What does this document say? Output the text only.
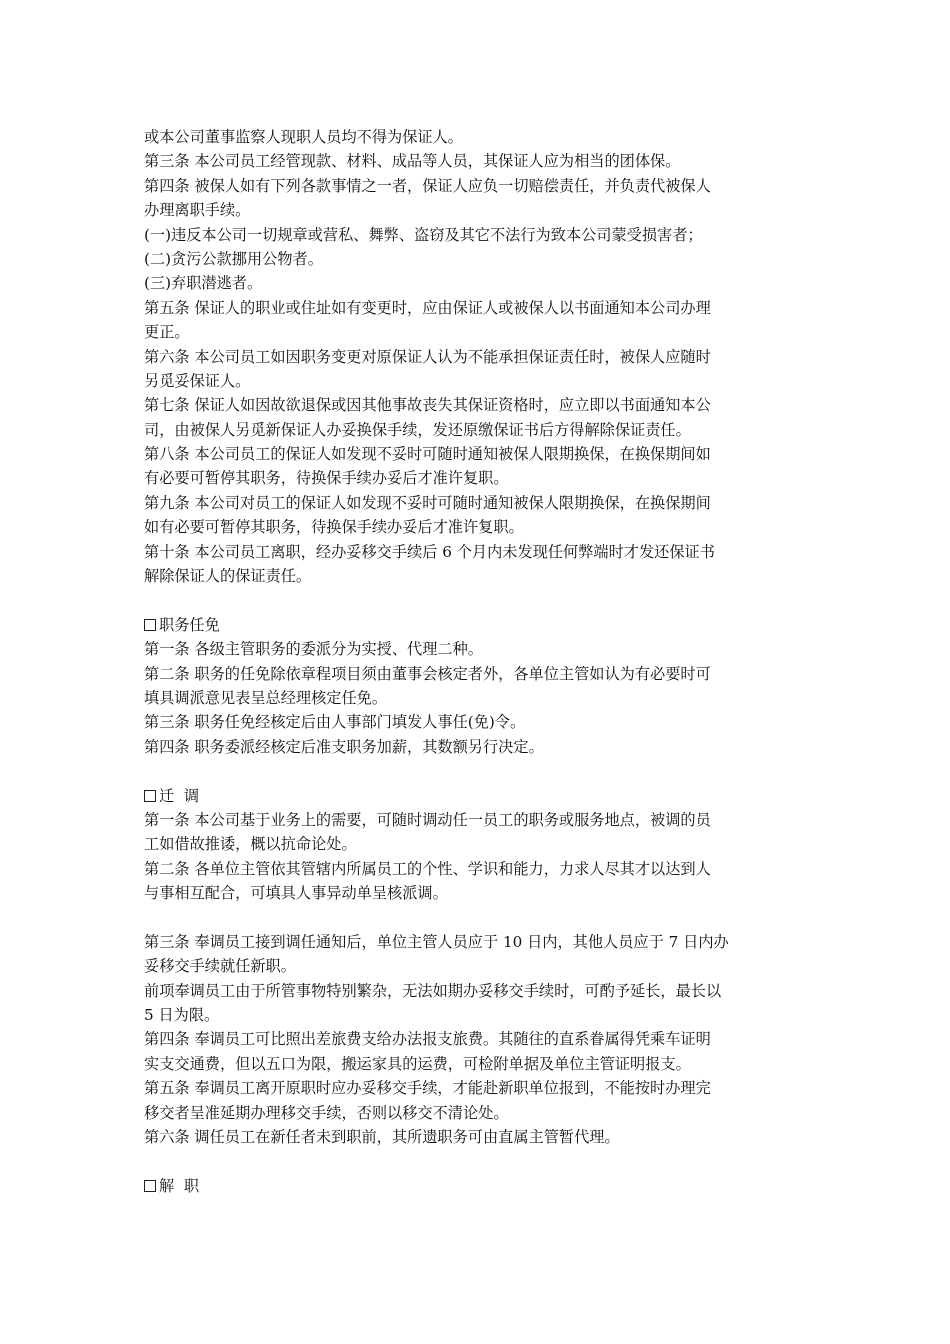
或本公司董事监察人现职人员均不得为保证人。
第三条 本公司员工经管现款、材料、成品等人员，其保证人应为相当的团体保。
第四条 被保人如有下列各款事情之一者，保证人应负一切赔偿责任，并负责代被保人
办理离职手续。
(一)违反本公司一切规章或营私、舞弊、盗窃及其它不法行为致本公司蒙受损害者；
(二)贪污公款挪用公物者。
(三)弃职潜逃者。
第五条 保证人的职业或住址如有变更时，应由保证人或被保人以书面通知本公司办理
更正。
第六条 本公司员工如因职务变更对原保证人认为不能承担保证责任时，被保人应随时
另觅妥保证人。
第七条 保证人如因故欲退保或因其他事故丧失其保证资格时，应立即以书面通知本公
司，由被保人另觅新保证人办妥换保手续，发还原缴保证书后方得解除保证责任。
第八条 本公司员工的保证人如发现不妥时可随时通知被保人限期换保，在换保期间如
有必要可暂停其职务，待换保手续办妥后才准许复职。
第九条 本公司对员工的保证人如发现不妥时可随时通知被保人限期换保，在换保期间
如有必要可暂停其职务，待换保手续办妥后才准许复职。
第十条 本公司员工离职，经办妥移交手续后 6 个月内未发现任何弊端时才发还保证书
解除保证人的保证责任。
职务任免
第一条 各级主管职务的委派分为实授、代理二种。
第二条 职务的任免除依章程项目须由董事会核定者外，各单位主管如认为有必要时可
填具调派意见表呈总经理核定任免。
第三条 职务任免经核定后由人事部门填发人事任(免)令。
第四条 职务委派经核定后准支职务加薪，其数额另行决定。
迁  调
第一条 本公司基于业务上的需要，可随时调动任一员工的职务或服务地点，被调的员
工如借故推诿，概以抗命论处。
第二条 各单位主管依其管辖内所属员工的个性、学识和能力，力求人尽其才以达到人
与事相互配合，可填具人事异动单呈核派调。
第三条 奉调员工接到调任通知后，单位主管人员应于 10 日内，其他人员应于 7 日内办
妥移交手续就任新职。
前项奉调员工由于所管事物特别繁杂，无法如期办妥移交手续时，可酌予延长，最长以
5 日为限。
第四条 奉调员工可比照出差旅费支给办法报支旅费。其随往的直系眷属得凭乘车证明
实支交通费，但以五口为限，搬运家具的运费，可检附单据及单位主管证明报支。
第五条 奉调员工离开原职时应办妥移交手续，才能赴新职单位报到，不能按时办理完
移交者呈准延期办理移交手续，否则以移交不清论处。
第六条 调任员工在新任者未到职前，其所遗职务可由直属主管暂代理。
解  职
